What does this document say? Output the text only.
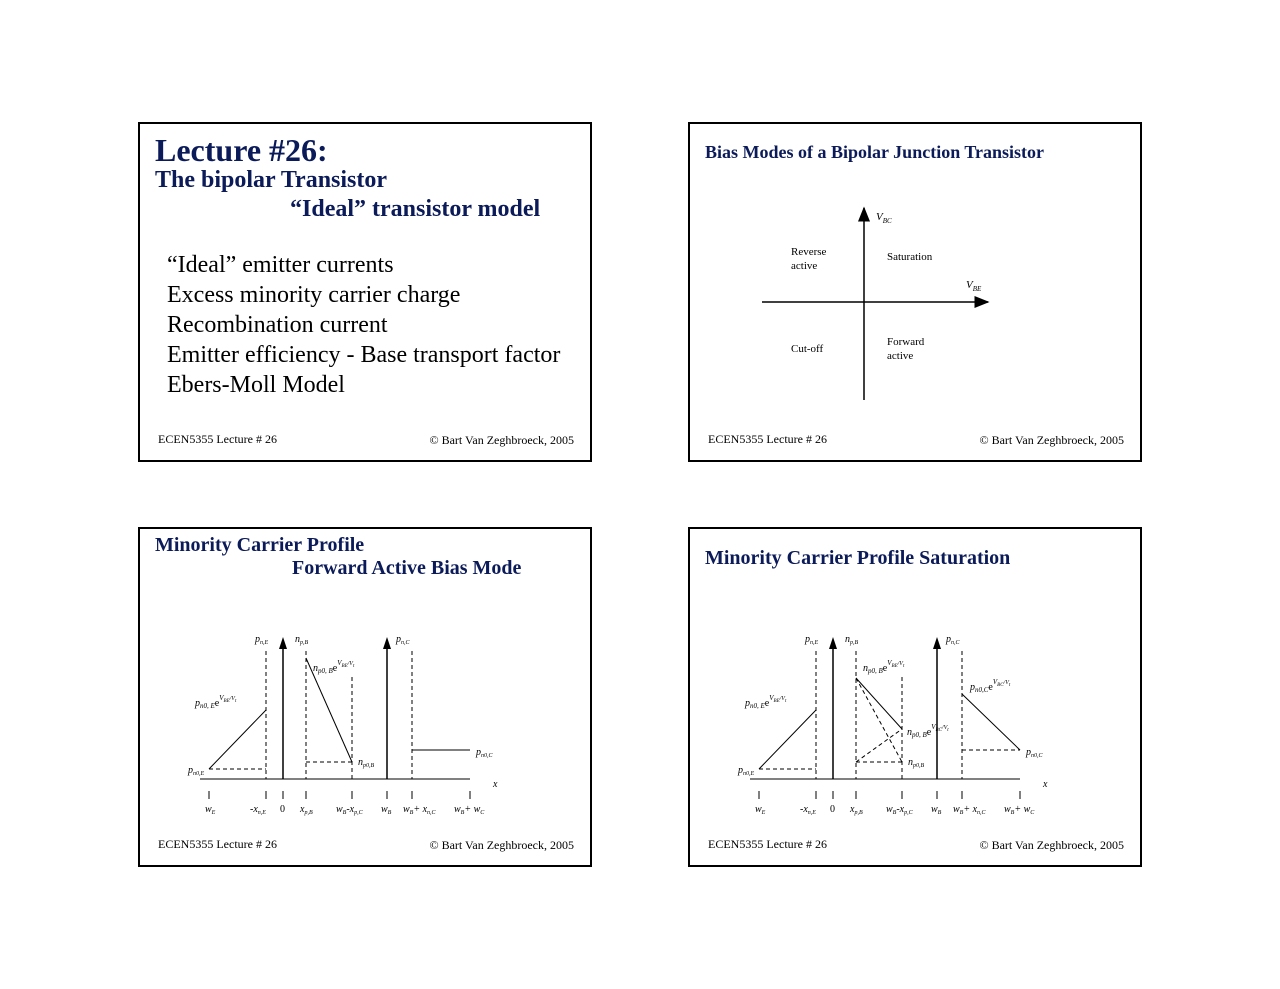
Lecture #26:
The bipolar Transistor
“Ideal” transistor model
“Ideal” emitter currents
Excess minority carrier charge
Recombination current
Emitter efficiency - Base transport factor
Ebers-Moll Model
ECEN5355 Lecture # 26	© Bart Van Zeghbroeck, 2005
Bias Modes of a Bipolar Junction Transistor
$V_{BC}$
$V_{BE}$
Reverse
active
Saturation
Cut-off
Forward
active
ECEN5355 Lecture # 26	© Bart Van Zeghbroeck, 2005
Minority Carrier Profile
Forward Active Bias Mode
x
$p_{n,E}$	$n_{p,B}$	$p_{n,C}$
$n_{p0, B}e^V_{BE}^{/V}_t$
$p_{n0, E}e^V_{BE}^{/V}_t$
$p_{n0,E}$
$n_{p0,B}$
$p_{n0,C}$
$w_E$	$-x_{n,E}$ 0 $x_{p,B}$ $w_B-x_{p,C}$ $w_B$ $w_B+ x_{n,C}$ $w_B+ w_C$
ECEN5355 Lecture # 26	© Bart Van Zeghbroeck, 2005
Minority Carrier Profile Saturation
x
$p_{n,E}$	$n_{p,B}$	$p_{n,C}$
$n_{p0, B}e^V_{BE}^{/V}_t$
$p_{n0,C}e^V_{BC}^{/V}_t$
$n_{p0, B}e^V_{BC}^{/V}_t$
$p_{n0, E}e^V_{BE}^{/V}_t$
$p_{n0,E}$
$n_{p0,B}$
$p_{n0,C}$
$w_E$	$-x_{n,E}$ 0 $x_{p,B}$ $w_B-x_{p,C}$ $w_B$ $w_B+ x_{n,C}$ $w_B+ w_C$
ECEN5355 Lecture # 26	© Bart Van Zeghbroeck, 2005
